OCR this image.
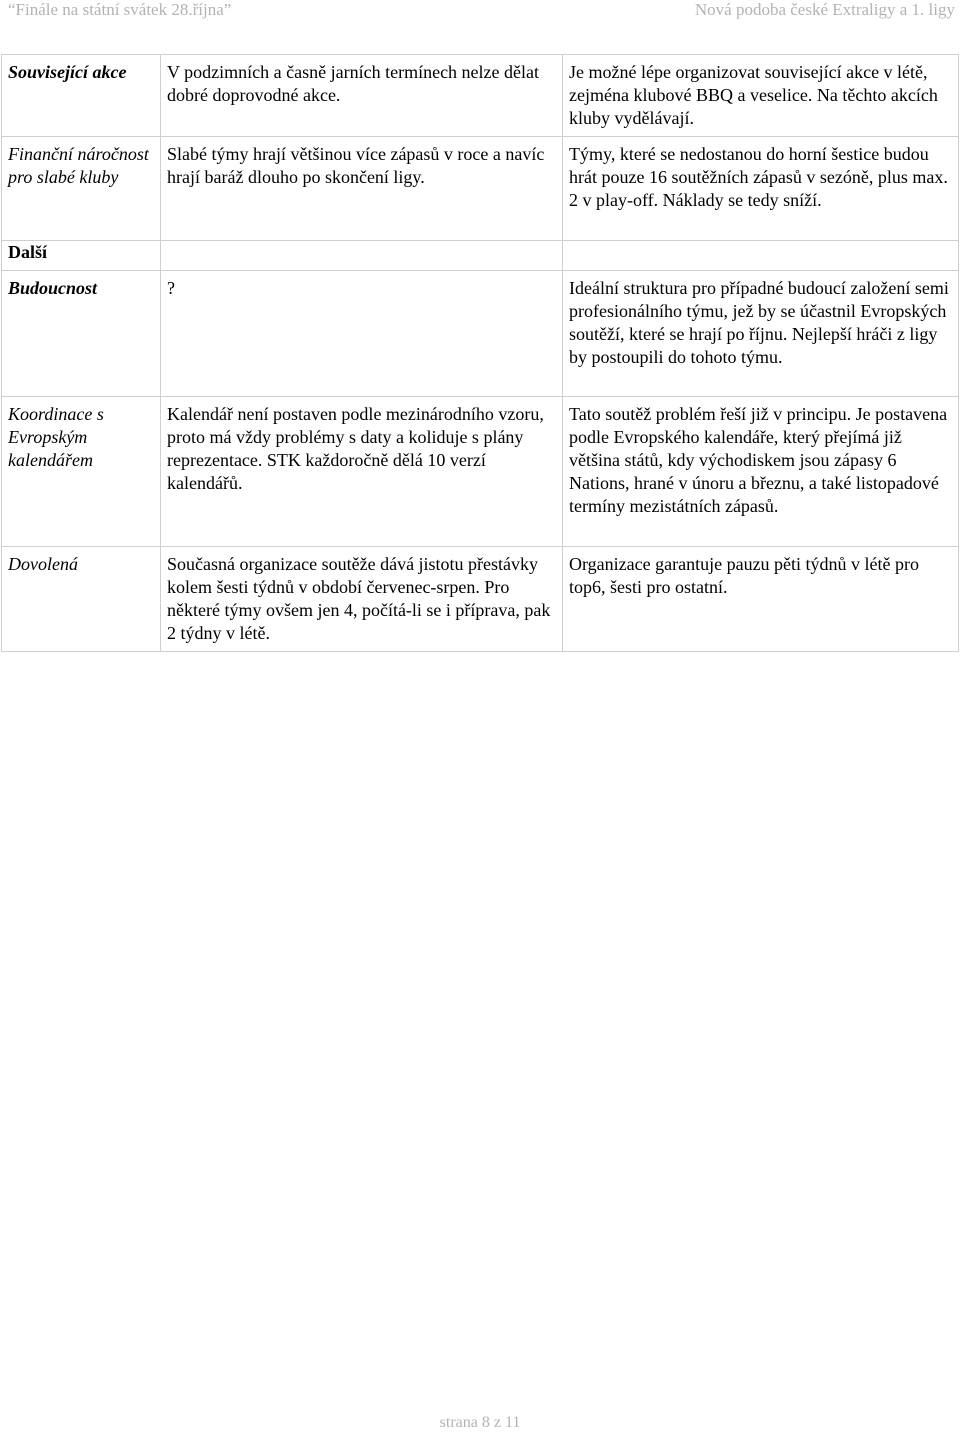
“Finále na státní svátek 28.října”	Nová podoba české Extraligy a 1. ligy
Související akce	V podzimních a časně jarních termínech nelze dělat dobré doprovodné akce.	Je možné lépe organizovat související akce v létě, zejména klubové BBQ a veselice. Na těchto akcích kluby vydělávají.
Finanční náročnost pro slabé kluby	Slabé týmy hrají většinou více zápasů v roce a navíc hrají baráž dlouho po skončení ligy.	Týmy, které se nedostanou do horní šestice budou hrát pouze 16 soutěžních zápasů v sezóně, plus max. 2 v play-off. Náklady se tedy sníží.
Další		
Budoucnost	?	Ideální struktura pro případné budoucí založení semi profesionálního týmu, jež by se účastnil Evropských soutěží, které se hrají po říjnu. Nejlepší hráči z ligy by postoupili do tohoto týmu.
Koordinace s Evropským kalendářem	Kalendář není postaven podle mezinárodního vzoru, proto má vždy problémy s daty a koliduje s plány reprezentace. STK každoročně dělá 10 verzí kalendářů.	Tato soutěž problém řeší již v principu. Je postavena podle Evropského kalendáře, který přejímá již většina států, kdy východiskem jsou zápasy 6 Nations, hrané v únoru a březnu, a také listopadové termíny mezistátních zápasů.
Dovolená	Současná organizace soutěže dává jistotu přestávky kolem šesti týdnů v období červenec-srpen. Pro některé týmy ovšem jen 4, počítá-li se i příprava, pak 2 týdny v létě.	Organizace garantuje pauzu pěti týdnů v létě pro top6, šesti pro ostatní.
strana 8 z 11
